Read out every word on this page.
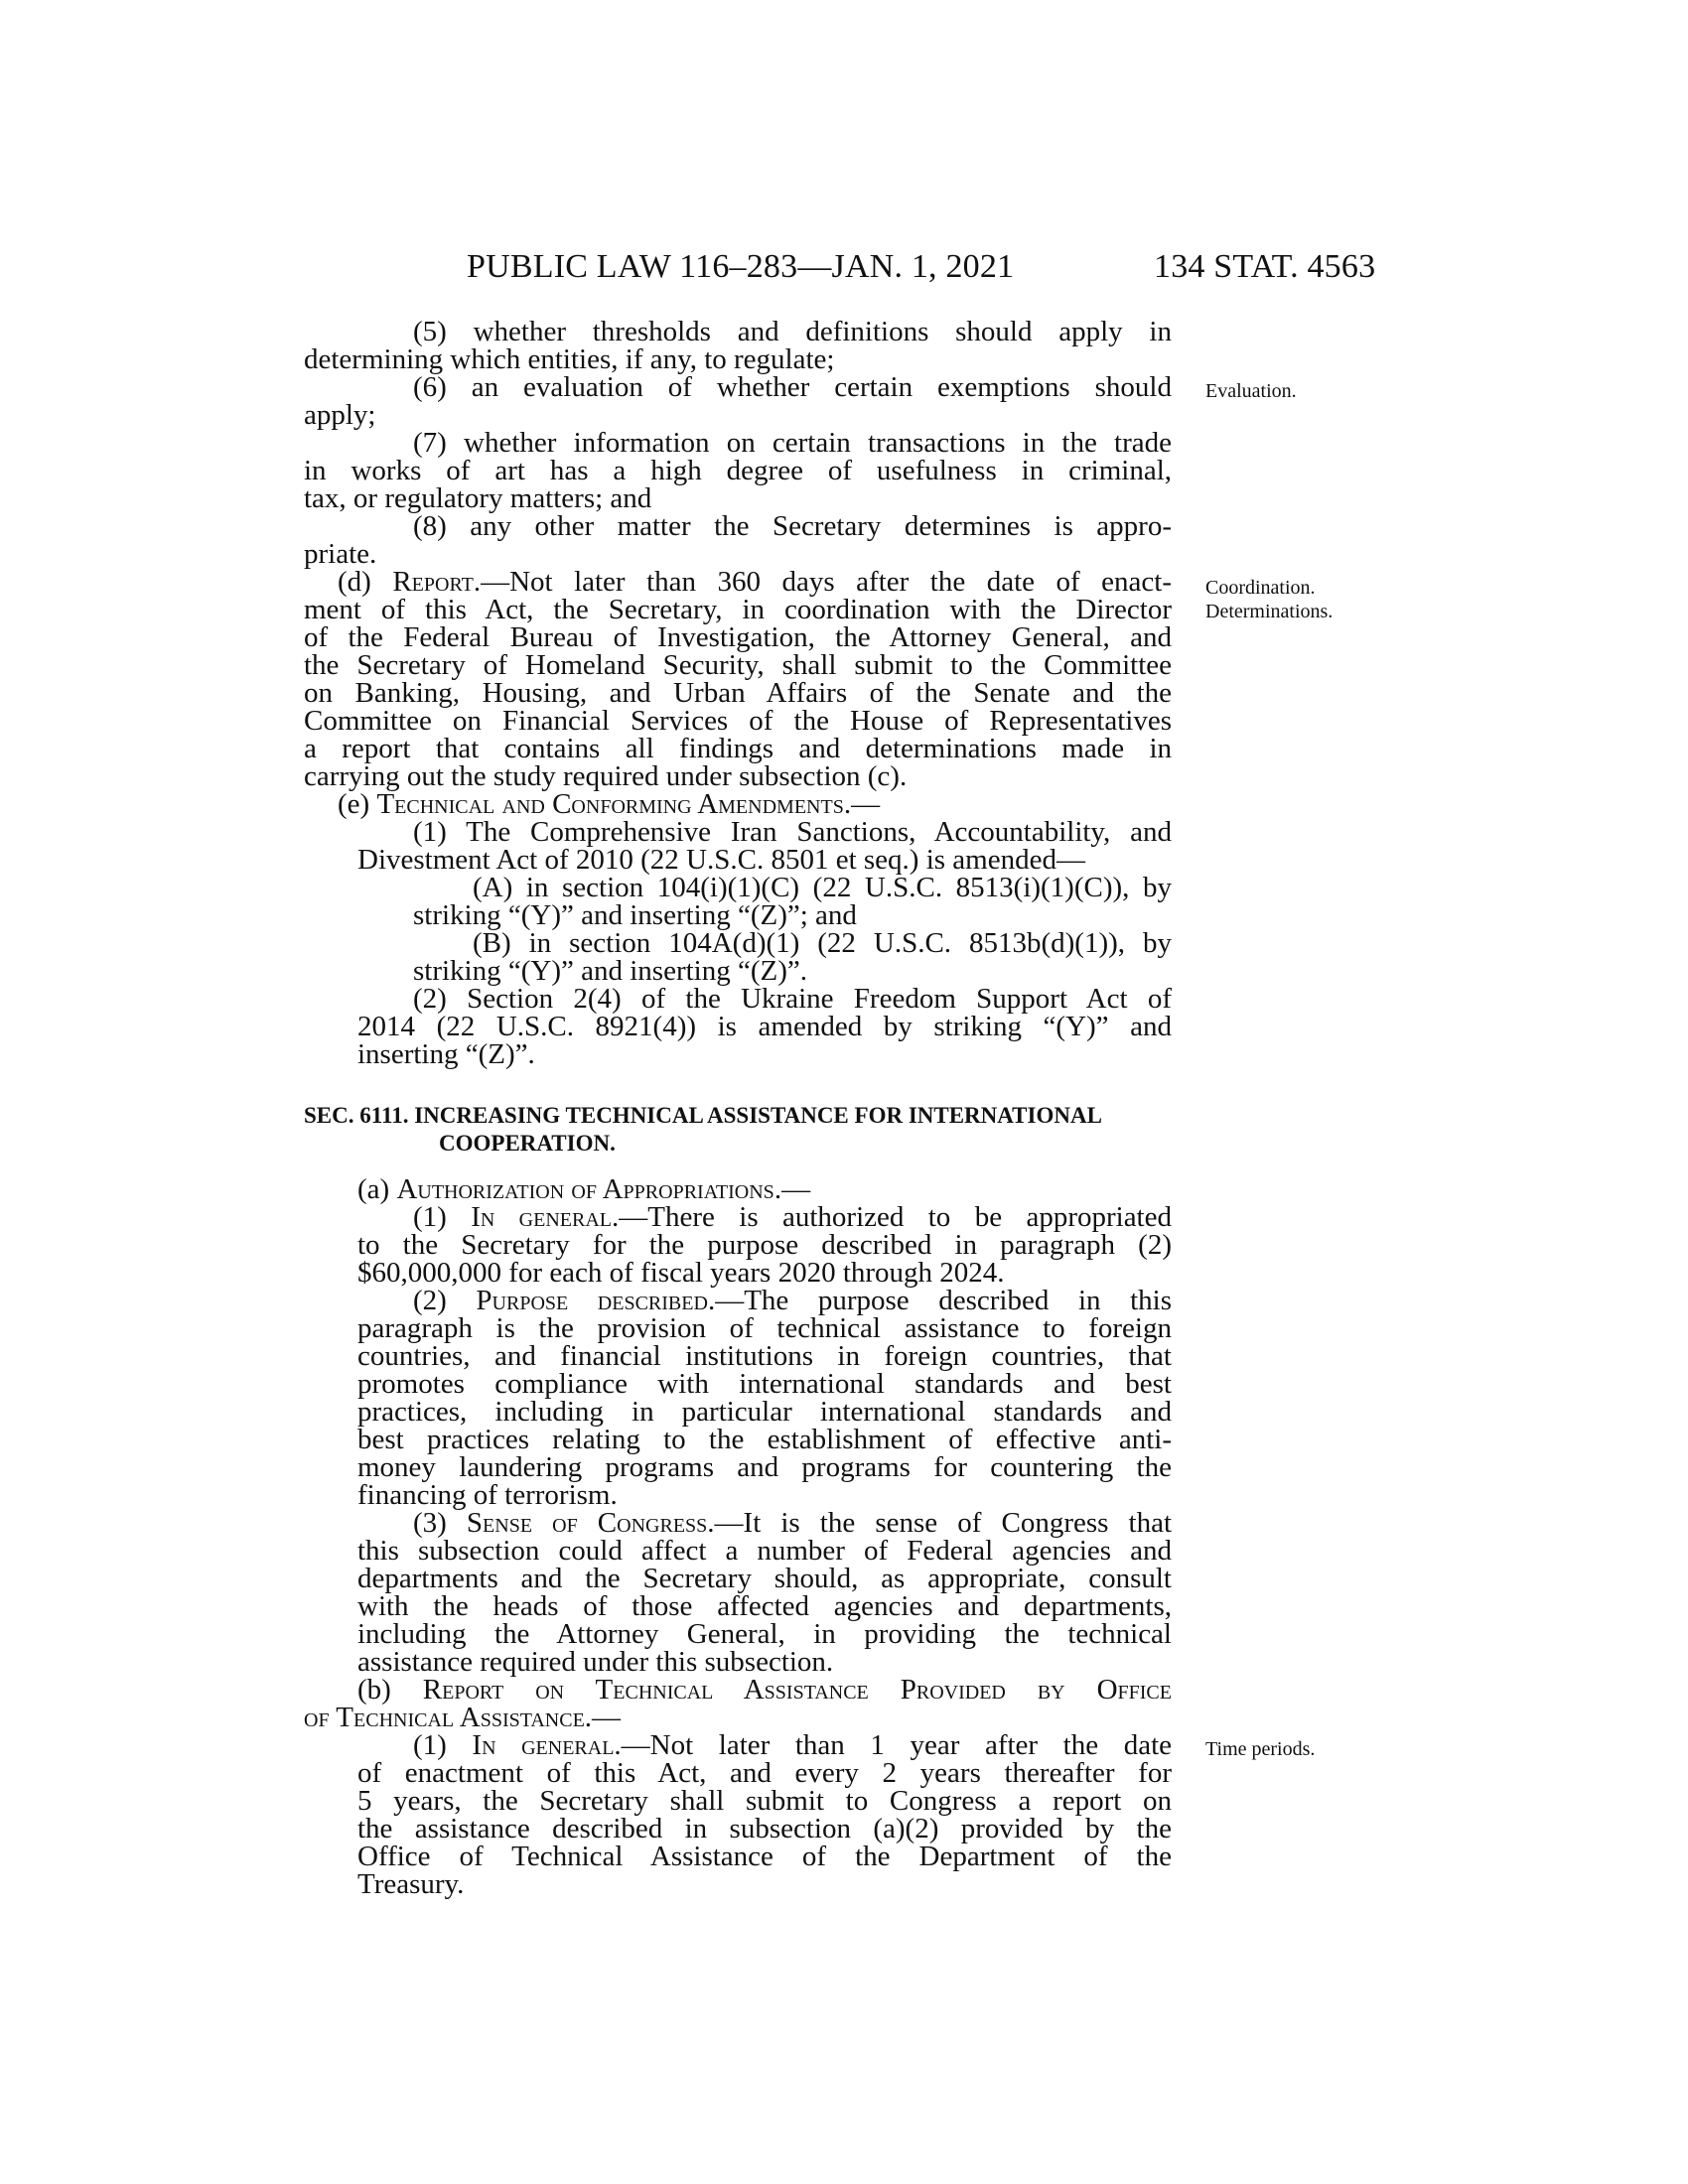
PUBLIC LAW 116–283—JAN. 1, 2021	134 STAT. 4563
(5) whether thresholds and definitions should apply in
determining which entities, if any, to regulate;
(6) an evaluation of whether certain exemptions should
apply;
(7) whether information on certain transactions in the trade
in works of art has a high degree of usefulness in criminal,
tax, or regulatory matters; and
(8) any other matter the Secretary determines is appro-
priate.
(d) Report.—Not later than 360 days after the date of enact-
ment of this Act, the Secretary, in coordination with the Director
of the Federal Bureau of Investigation, the Attorney General, and
the Secretary of Homeland Security, shall submit to the Committee
on Banking, Housing, and Urban Affairs of the Senate and the
Committee on Financial Services of the House of Representatives
a report that contains all findings and determinations made in
carrying out the study required under subsection (c).
(e) Technical and Conforming Amendments.—
(1) The Comprehensive Iran Sanctions, Accountability, and
Divestment Act of 2010 (22 U.S.C. 8501 et seq.) is amended—
(A) in section 104(i)(1)(C) (22 U.S.C. 8513(i)(1)(C)), by
striking “(Y)” and inserting “(Z)”; and
(B) in section 104A(d)(1) (22 U.S.C. 8513b(d)(1)), by
striking “(Y)” and inserting “(Z)”.
(2) Section 2(4) of the Ukraine Freedom Support Act of
2014 (22 U.S.C. 8921(4)) is amended by striking “(Y)” and
inserting “(Z)”.
SEC. 6111. INCREASING TECHNICAL ASSISTANCE FOR INTERNATIONAL
COOPERATION.
(a) Authorization of Appropriations.—
(1) In general.—There is authorized to be appropriated
to the Secretary for the purpose described in paragraph (2)
$60,000,000 for each of fiscal years 2020 through 2024.
(2) Purpose described.—The purpose described in this
paragraph is the provision of technical assistance to foreign
countries, and financial institutions in foreign countries, that
promotes compliance with international standards and best
practices, including in particular international standards and
best practices relating to the establishment of effective anti-
money laundering programs and programs for countering the
financing of terrorism.
(3) Sense of Congress.—It is the sense of Congress that
this subsection could affect a number of Federal agencies and
departments and the Secretary should, as appropriate, consult
with the heads of those affected agencies and departments,
including the Attorney General, in providing the technical
assistance required under this subsection.
(b) Report on Technical Assistance Provided by Office
of Technical Assistance.—
(1) In general.—Not later than 1 year after the date
of enactment of this Act, and every 2 years thereafter for
5 years, the Secretary shall submit to Congress a report on
the assistance described in subsection (a)(2) provided by the
Office of Technical Assistance of the Department of the
Treasury.
Evaluation.
Coordination.
Determinations.
Time periods.
